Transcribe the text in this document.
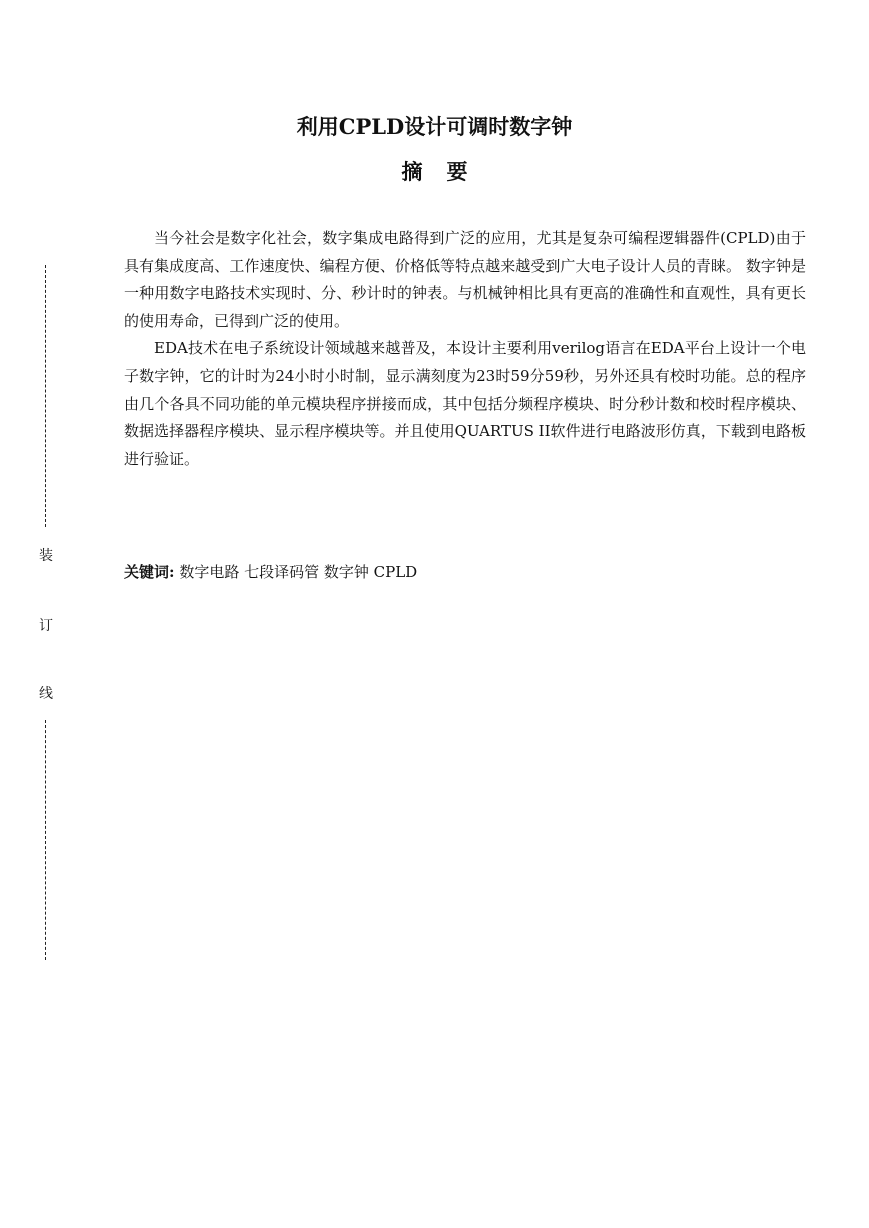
装
订
线
利用CPLD设计可调时数字钟
摘要

当今社会是数字化社会，数字集成电路得到广泛的应用，尤其是复杂可编程逻辑器件(CPLD)由于具有集成度高、工作速度快、编程方便、价格低等特点越来越受到广大电子设计人员的青睐。 数字钟是一种用数字电路技术实现时、分、秒计时的钟表。与机械钟相比具有更高的准确性和直观性，具有更长的使用寿命，已得到广泛的使用。

EDA技术在电子系统设计领域越来越普及，本设计主要利用verilog语言在EDA平台上设计一个电子数字钟，它的计时为24小时小时制，显示满刻度为23时59分59秒，另外还具有校时功能。总的程序由几个各具不同功能的单元模块程序拼接而成，其中包括分频程序模块、时分秒计数和校时程序模块、数据选择器程序模块、显示程序模块等。并且使用QUARTUS II软件进行电路波形仿真，下载到电路板进行验证。

关键词: 数字电路 七段译码管 数字钟 CPLD
